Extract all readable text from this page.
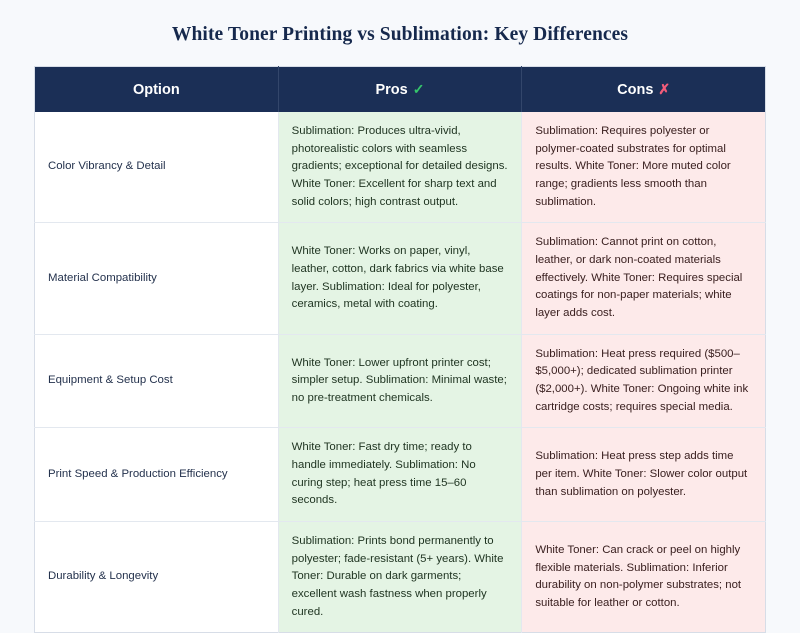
White Toner Printing vs Sublimation: Key Differences
Option	Pros ✓	Cons ✗
Color Vibrancy & Detail	Sublimation: Produces ultra-vivid, photorealistic colors with seamless gradients; exceptional for detailed designs. White Toner: Excellent for sharp text and solid colors; high contrast output.	Sublimation: Requires polyester or polymer-coated substrates for optimal results. White Toner: More muted color range; gradients less smooth than sublimation.
Material Compatibility	White Toner: Works on paper, vinyl, leather, cotton, dark fabrics via white base layer. Sublimation: Ideal for polyester, ceramics, metal with coating.	Sublimation: Cannot print on cotton, leather, or dark non-coated materials effectively. White Toner: Requires special coatings for non-paper materials; white layer adds cost.
Equipment & Setup Cost	White Toner: Lower upfront printer cost; simpler setup. Sublimation: Minimal waste; no pre-treatment chemicals.	Sublimation: Heat press required ($500–$5,000+); dedicated sublimation printer ($2,000+). White Toner: Ongoing white ink cartridge costs; requires special media.
Print Speed & Production Efficiency	White Toner: Fast dry time; ready to handle immediately. Sublimation: No curing step; heat press time 15–60 seconds.	Sublimation: Heat press step adds time per item. White Toner: Slower color output than sublimation on polyester.
Durability & Longevity	Sublimation: Prints bond permanently to polyester; fade-resistant (5+ years). White Toner: Durable on dark garments; excellent wash fastness when properly cured.	White Toner: Can crack or peel on highly flexible materials. Sublimation: Inferior durability on non-polymer substrates; not suitable for leather or cotton.
